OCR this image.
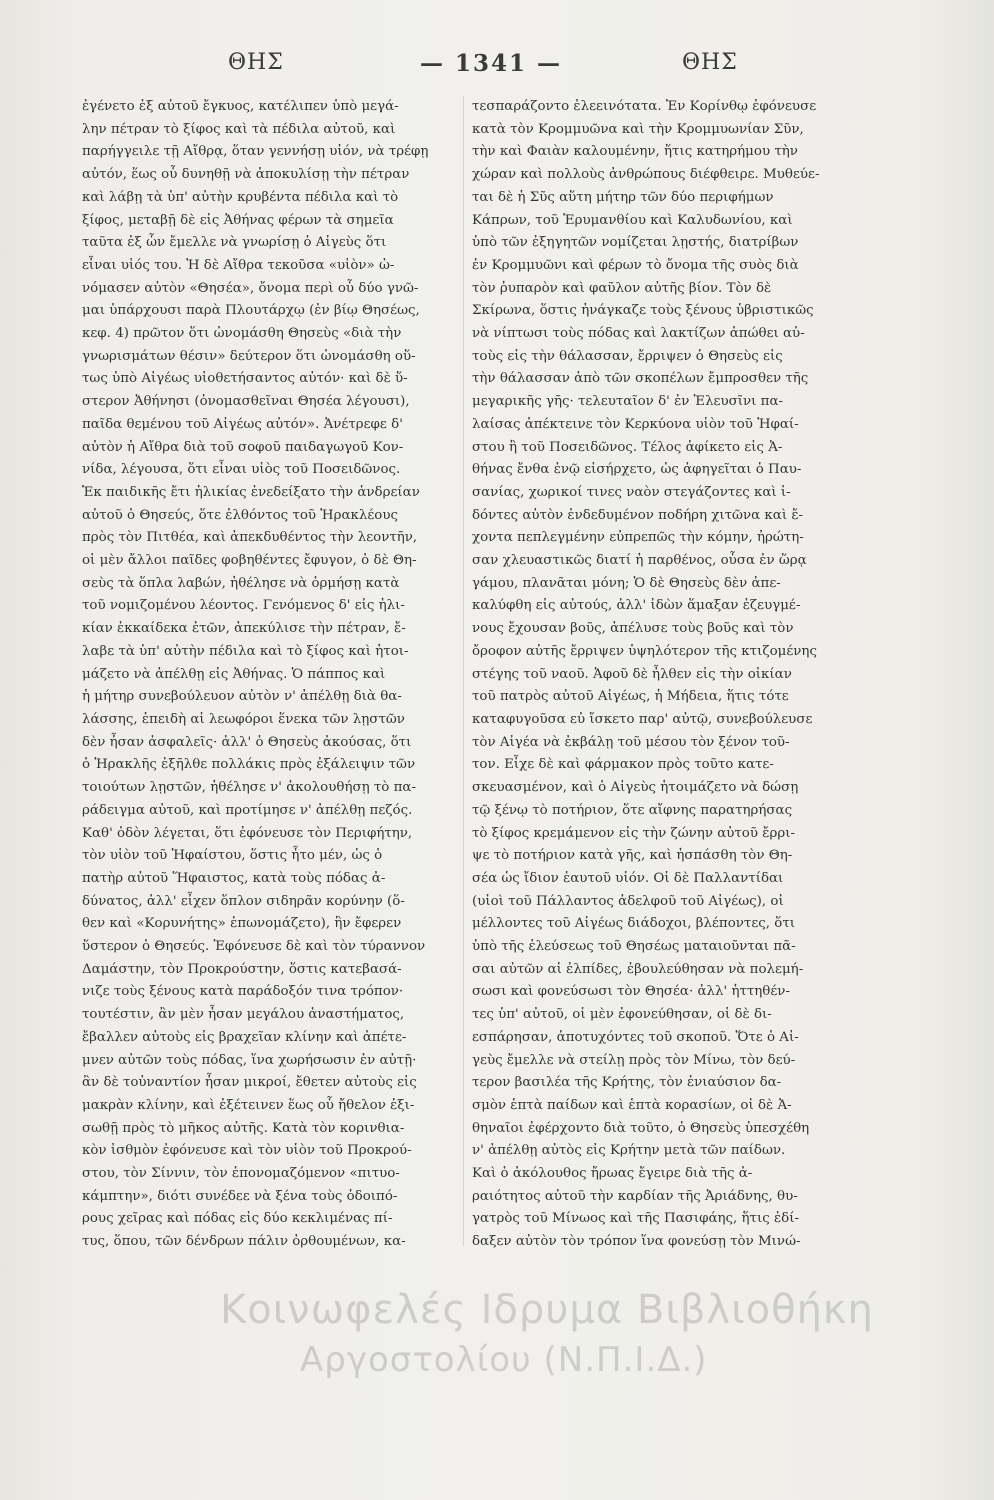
ΘΗΣ	— 1341 —	ΘΗΣ
ἐγένετο ἐξ αὐτοῦ ἔγκυος, κατέλιπεν ὑπὸ μεγά-
λην πέτραν τὸ ξίφος καὶ τὰ πέδιλα αὐτοῦ, καὶ
παρήγγειλε τῇ Αἴθρᾳ, ὅταν γεννήσῃ υἱόν, νὰ τρέφῃ
αὐτόν, ἕως οὗ δυνηθῇ νὰ ἀποκυλίσῃ τὴν πέτραν
καὶ λάβῃ τὰ ὑπ' αὐτὴν κρυβέντα πέδιλα καὶ τὸ
ξίφος, μεταβῇ δὲ εἰς Ἀθήνας φέρων τὰ σημεῖα
ταῦτα ἐξ ὧν ἔμελλε νὰ γνωρίσῃ ὁ Αἰγεὺς ὅτι
εἶναι υἱός του. Ἡ δὲ Αἴθρα τεκοῦσα «υἱὸν» ὠ-
νόμασεν αὐτὸν «Θησέα», ὄνομα περὶ οὗ δύο γνῶ-
μαι ὑπάρχουσι παρὰ Πλουτάρχῳ (ἐν βίῳ Θησέως,
κεφ. 4) πρῶτον ὅτι ὠνομάσθη Θησεὺς «διὰ τὴν
γνωρισμάτων θέσιν» δεύτερον ὅτι ὠνομάσθη οὕ-
τως ὑπὸ Αἰγέως υἱοθετήσαντος αὐτόν· καὶ δὲ ὕ-
στερον Ἀθήνησι (ὀνομασθεῖναι Θησέα λέγουσι),
παῖδα θεμένου τοῦ Αἰγέως αὐτόν». Ἀνέτρεφε δ'
αὐτὸν ἡ Αἴθρα διὰ τοῦ σοφοῦ παιδαγωγοῦ Κον-
νίδα, λέγουσα, ὅτι εἶναι υἱὸς τοῦ Ποσειδῶνος.
Ἐκ παιδικῆς ἔτι ἡλικίας ἐνεδείξατο τὴν ἀνδρείαν
αὐτοῦ ὁ Θησεύς, ὅτε ἐλθόντος τοῦ Ἡρακλέους
πρὸς τὸν Πιτθέα, καὶ ἀπεκδυθέντος τὴν λεοντῆν,
οἱ μὲν ἄλλοι παῖδες φοβηθέντες ἔφυγον, ὁ δὲ Θη-
σεὺς τὰ ὅπλα λαβών, ἠθέλησε νὰ ὁρμήσῃ κατὰ
τοῦ νομιζομένου λέοντος. Γενόμενος δ' εἰς ἡλι-
κίαν ἑκκαίδεκα ἐτῶν, ἀπεκύλισε τὴν πέτραν, ἔ-
λαβε τὰ ὑπ' αὐτὴν πέδιλα καὶ τὸ ξίφος καὶ ἡτοι-
μάζετο νὰ ἀπέλθῃ εἰς Ἀθήνας. Ὁ πάππος καὶ
ἡ μήτηρ συνεβούλευον αὐτὸν ν' ἀπέλθῃ διὰ θα-
λάσσης, ἐπειδὴ αἱ λεωφόροι ἕνεκα τῶν λῃστῶν
δὲν ἦσαν ἀσφαλεῖς· ἀλλ' ὁ Θησεὺς ἀκούσας, ὅτι
ὁ Ἡρακλῆς ἐξῆλθε πολλάκις πρὸς ἐξάλειψιν τῶν
τοιούτων λῃστῶν, ἠθέλησε ν' ἀκολουθήσῃ τὸ πα-
ράδειγμα αὐτοῦ, καὶ προτίμησε ν' ἀπέλθῃ πεζός.
Καθ' ὁδὸν λέγεται, ὅτι ἐφόνευσε τὸν Περιφήτην,
τὸν υἱὸν τοῦ Ἡφαίστου, ὅστις ἦτο μέν, ὡς ὁ
πατὴρ αὐτοῦ Ἥφαιστος, κατὰ τοὺς πόδας ἀ-
δύνατος, ἀλλ' εἶχεν ὅπλον σιδηρᾶν κορύνην (ὅ-
θεν καὶ «Κορυνήτης» ἐπωνομάζετο), ἣν ἔφερεν
ὕστερον ὁ Θησεύς. Ἐφόνευσε δὲ καὶ τὸν τύραννον
Δαμάστην, τὸν Προκρούστην, ὅστις κατεβασά-
νιζε τοὺς ξένους κατὰ παράδοξόν τινα τρόπον·
τουτέστιν, ἂν μὲν ἦσαν μεγάλου ἀναστήματος,
ἔβαλλεν αὐτοὺς εἰς βραχεῖαν κλίνην καὶ ἀπέτε-
μνεν αὐτῶν τοὺς πόδας, ἵνα χωρήσωσιν ἐν αὐτῇ·
ἂν δὲ τοὐναντίον ἦσαν μικροί, ἔθετεν αὐτοὺς εἰς
μακρὰν κλίνην, καὶ ἐξέτεινεν ἕως οὗ ἤθελον ἐξι-
σωθῇ πρὸς τὸ μῆκος αὐτῆς. Κατὰ τὸν κορινθια-
κὸν ἰσθμὸν ἐφόνευσε καὶ τὸν υἱὸν τοῦ Προκρού-
στου, τὸν Σίννιν, τὸν ἐπονομαζόμενον «πιτυο-
κάμπτην», διότι συνέδεε νὰ ξένα τοὺς ὁδοιπό-
ρους χεῖρας καὶ πόδας εἰς δύο κεκλιμένας πί-
τυς, ὅπου, τῶν δένδρων πάλιν ὀρθουμένων, κα-
τεσπαράζοντο ἐλεεινότατα. Ἐν Κορίνθῳ ἐφόνευσε
κατὰ τὸν Κρομμυῶνα καὶ τὴν Κρομμυωνίαν Σῦν,
τὴν καὶ Φαιὰν καλουμένην, ἥτις κατηρήμου τὴν
χώραν καὶ πολλοὺς ἀνθρώπους διέφθειρε. Μυθεύε-
ται δὲ ἡ Σῦς αὕτη μήτηρ τῶν δύο περιφήμων
Κάπρων, τοῦ Ἐρυμανθίου καὶ Καλυδωνίου, καὶ
ὑπὸ τῶν ἐξηγητῶν νομίζεται λῃστής, διατρίβων
ἐν Κρομμυῶνι καὶ φέρων τὸ ὄνομα τῆς συὸς διὰ
τὸν ῥυπαρὸν καὶ φαῦλον αὐτῆς βίον. Τὸν δὲ
Σκίρωνα, ὅστις ἠνάγκαζε τοὺς ξένους ὑβριστικῶς
νὰ νίπτωσι τοὺς πόδας καὶ λακτίζων ἀπώθει αὐ-
τοὺς εἰς τὴν θάλασσαν, ἔρριψεν ὁ Θησεὺς εἰς
τὴν θάλασσαν ἀπὸ τῶν σκοπέλων ἔμπροσθεν τῆς
μεγαρικῆς γῆς· τελευταῖον δ' ἐν Ἐλευσῖνι πα-
λαίσας ἀπέκτεινε τὸν Κερκύονα υἱὸν τοῦ Ἡφαί-
στου ἢ τοῦ Ποσειδῶνος. Τέλος ἀφίκετο εἰς Ἀ-
θήνας ἔνθα ἐνῷ εἰσήρχετο, ὡς ἀφηγεῖται ὁ Παυ-
σανίας, χωρικοί τινες ναὸν στεγάζοντες καὶ ἰ-
δόντες αὐτὸν ἐνδεδυμένον ποδήρη χιτῶνα καὶ ἔ-
χοντα πεπλεγμένην εὐπρεπῶς τὴν κόμην, ἠρώτη-
σαν χλευαστικῶς διατί ἡ παρθένος, οὖσα ἐν ὥρᾳ
γάμου, πλανᾶται μόνη; Ὁ δὲ Θησεὺς δὲν ἀπε-
καλύφθη εἰς αὐτούς, ἀλλ' ἰδὼν ἅμαξαν ἐζευγμέ-
νους ἔχουσαν βοῦς, ἀπέλυσε τοὺς βοῦς καὶ τὸν
ὄροφον αὐτῆς ἔρριψεν ὑψηλότερον τῆς κτιζομένης
στέγης τοῦ ναοῦ. Ἀφοῦ δὲ ἦλθεν εἰς τὴν οἰκίαν
τοῦ πατρὸς αὐτοῦ Αἰγέως, ἡ Μήδεια, ἥτις τότε
καταφυγοῦσα εὐ ἴσκετο παρ' αὐτῷ, συνεβούλευσε
τὸν Αἰγέα νὰ ἐκβάλῃ τοῦ μέσου τὸν ξένον τοῦ-
τον. Εἶχε δὲ καὶ φάρμακον πρὸς τοῦτο κατε-
σκευασμένον, καὶ ὁ Αἰγεὺς ἡτοιμάζετο νὰ δώσῃ
τῷ ξένῳ τὸ ποτήριον, ὅτε αἴφνης παρατηρήσας
τὸ ξίφος κρεμάμενον εἰς τὴν ζώνην αὐτοῦ ἔρρι-
ψε τὸ ποτήριον κατὰ γῆς, καὶ ἠσπάσθη τὸν Θη-
σέα ὡς ἴδιον ἑαυτοῦ υἱόν. Οἱ δὲ Παλλαντίδαι
(υἱοὶ τοῦ Πάλλαντος ἀδελφοῦ τοῦ Αἰγέως), οἱ
μέλλοντες τοῦ Αἰγέως διάδοχοι, βλέποντες, ὅτι
ὑπὸ τῆς ἐλεύσεως τοῦ Θησέως ματαιοῦνται πᾶ-
σαι αὐτῶν αἱ ἐλπίδες, ἐβουλεύθησαν νὰ πολεμή-
σωσι καὶ φονεύσωσι τὸν Θησέα· ἀλλ' ἡττηθέν-
τες ὑπ' αὐτοῦ, οἱ μὲν ἐφονεύθησαν, οἱ δὲ δι-
εσπάρησαν, ἀποτυχόντες τοῦ σκοποῦ. Ὅτε ὁ Αἰ-
γεὺς ἔμελλε νὰ στείλῃ πρὸς τὸν Μίνω, τὸν δεύ-
τερον βασιλέα τῆς Κρήτης, τὸν ἐνιαύσιον δα-
σμὸν ἑπτὰ παίδων καὶ ἑπτὰ κορασίων, οἱ δὲ Ἀ-
θηναῖοι ἐφέρχοντο διὰ τοῦτο, ὁ Θησεὺς ὑπεσχέθη
ν' ἀπέλθῃ αὐτὸς εἰς Κρήτην μετὰ τῶν παίδων.
Καὶ ὁ ἀκόλουθος ἤρωας ἔγειρε διὰ τῆς ἀ-
ραιότητος αὐτοῦ τὴν καρδίαν τῆς Ἀριάδνης, θυ-
γατρὸς τοῦ Μίνωος καὶ τῆς Πασιφάης, ἥτις ἐδί-
δαξεν αὐτὸν τὸν τρόπον ἵνα φονεύσῃ τὸν Μινώ-
Κοινωφελές Ιδρυμα Βιβλιοθήκη
Αργοστολίου (Ν.Π.Ι.Δ.)
